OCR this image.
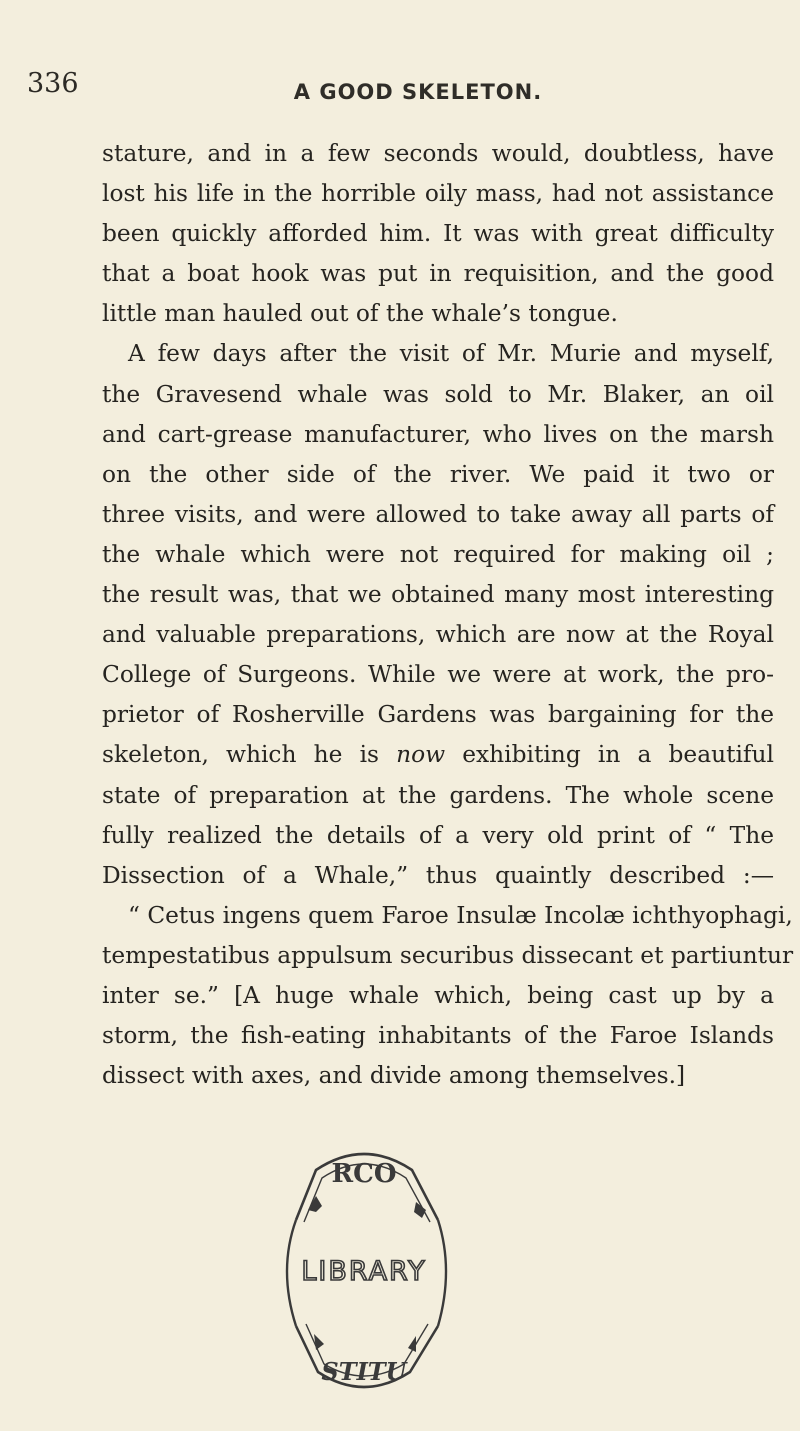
336	A GOOD SKELETON.
stature, and in a few seconds would, doubtless, have
lost his life in the horrible oily mass, had not assistance
been quickly afforded him. It was with great difficulty
that a boat hook was put in requisition, and the good
little man hauled out of the whale’s tongue.
A few days after the visit of Mr. Murie and myself,
the Gravesend whale was sold to Mr. Blaker, an oil
and cart-grease manufacturer, who lives on the marsh
on the other side of the river. We paid it two or
three visits, and were allowed to take away all parts of
the whale which were not required for making oil ;
the result was, that we obtained many most interesting
and valuable preparations, which are now at the Royal
College of Surgeons. While we were at work, the pro-
prietor of Rosherville Gardens was bargaining for the
skeleton, which he is now exhibiting in a beautiful
state of preparation at the gardens. The whole scene
fully realized the details of a very old print of “ The
Dissection of a Whale,” thus quaintly described :—
“ Cetus ingens quem Faroe Insulæ Incolæ ichthyophagi,
tempestatibus appulsum securibus dissecant et partiuntur
inter se.” [A huge whale which, being cast up by a
storm, the fish-eating inhabitants of the Faroe Islands
dissect with axes, and divide among themselves.]
RCO
LIBRARY
STITU
